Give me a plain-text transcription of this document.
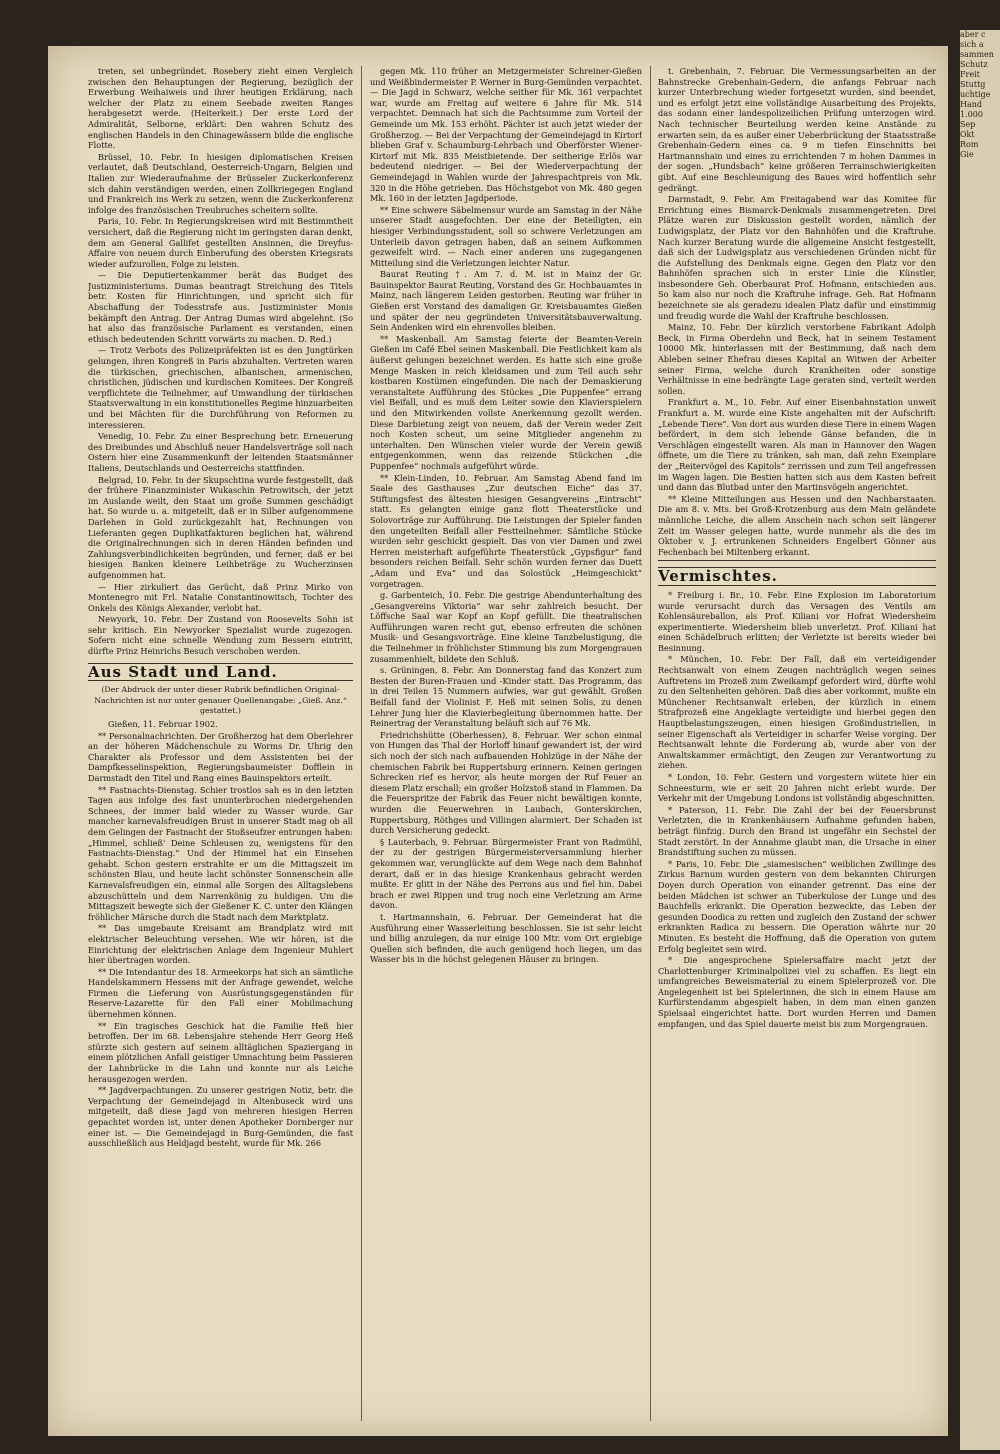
aber c
sich a
sammen
Schutz
Freit
Stuttg
uchtige
Hand
1.000
Sep
Okt
Rom
Gie

treten, sei unbegründet. Rosebery zieht einen Vergleich zwischen den Behauptungen der Regierung, bezüglich der Erwerbung Weihaiweis und ihrer heutigen Erklärung, nach welcher der Platz zu einem Seebade zweiten Ranges herabgesetzt werde. (Heiterkeit.) Der erste Lord der Admiralität, Selborne, erklärt: Den wahren Schutz des englischen Handels in den Chinagewässern bilde die englische Flotte.

Brüssel, 10. Febr. In hiesigen diplomatischen Kreisen verlautet, daß Deutschland, Oesterreich-Ungarn, Belgien und Italien zur Wiederaufnahme der Brüsseler Zuckerkonferenz sich dahin verständigen werden, einen Zollkriegegen England und Frankreich ins Werk zu setzen, wenn die Zuckerkonferenz infolge des französischen Treubruches scheitern sollte.

Paris, 10. Febr. In Regierungskreisen wird mit Bestimmtheit versichert, daß die Regierung nicht im geringsten daran denkt, dem am General Gallifet gestellten Ansinnen, die Dreyfus-Affaire von neuem durch Einberufung des obersten Kriegsrats wieder aufzurollen, Folge zu leisten.

— Die Deputiertenkammer berät das Budget des Justizministeriums. Dumas beantragt Streichung des Titels betr. Kosten für Hinrichtungen, und spricht sich für Abschaffung der Todesstrafe aus. Justizminister Monis bekämpft den Antrag. Der Antrag Dumas wird abgelehnt. (So hat also das französische Parlament es verstanden, einen ethisch bedeutenden Schritt vorwärts zu machen. D. Red.)

— Trotz Verbots des Polizeipräfekten ist es den Jungtürken gelungen, ihren Kongreß in Paris abzuhalten. Vertreten waren die türkischen, griechischen, albanischen, armenischen, christlichen, jüdischen und kurdischen Komitees. Der Kongreß verpflichtete die Teilnehmer, auf Umwandlung der türkischen Staatsverwaltung in ein konstitutionelles Regime hinzuarbeiten und bei Mächten für die Durchführung von Reformen zu interessieren.

Venedig, 10. Febr. Zu einer Besprechung betr. Erneuerung des Dreibundes und Abschluß neuer Handelsverträge soll nach Ostern hier eine Zusammenkunft der leitenden Staatsmänner Italiens, Deutschlands und Oesterreichs stattfinden.

Belgrad, 10. Febr. In der Skupschtina wurde festgestellt, daß der frühere Finanzminister Wukaschin Petrowitsch, der jetzt im Auslande weilt, den Staat um große Summen geschädigt hat. So wurde u. a. mitgeteilt, daß er in Silber aufgenommene Darlehen in Gold zurückgezahlt hat, Rechnungen von Lieferanten gegen Duplikatfakturen beglichen hat, während die Originalrechnungen sich in deren Händen befinden und Zahlungsverbindlichkeiten begründen, und ferner, daß er bei hiesigen Banken kleinere Leihbeträge zu Wucherzinsen aufgenommen hat.

— Hier zirkuliert das Gerücht, daß Prinz Mirko von Montenegro mit Frl. Natalie Constantinowitsch, Tochter des Onkels des Königs Alexander, verlobt hat.

Newyork, 10. Febr. Der Zustand von Roosevelts Sohn ist sehr kritisch. Ein Newyorker Spezialist wurde zugezogen. Sofern nicht eine schnelle Wendung zum Bessern eintritt, dürfte Prinz Heinrichs Besuch verschoben werden.

Aus Stadt und Land.

(Der Abdruck der unter dieser Rubrik befindlichen Original-Nachrichten ist nur unter genauer Quellenangabe: „Gieß. Anz.“ gestattet.)

Gießen, 11. Februar 1902.

** Personalnachrichten. Der Großherzog hat dem Oberlehrer an der höheren Mädchenschule zu Worms Dr. Uhrig den Charakter als Professor und dem Assistenten bei der Dampfkesselinspektion, Regierungsbaumeister Dofflein in Darmstadt den Titel und Rang eines Bauinspektors erteilt.

** Fastnachts-Dienstag. Schier trostlos sah es in den letzten Tagen aus infolge des fast ununterbrochen niedergehenden Schnees, der immer bald wieder zu Wasser wurde. Gar mancher karnevalsfreudigen Brust in unserer Stadt mag ob all dem Gelingen der Fastnacht der Stoßseufzer entrungen haben: „Himmel, schließ' Deine Schleusen zu, wenigstens für den Fastnachts-Dienstag.“ Und der Himmel hat ein Einsehen gehabt. Schon gestern erstrahlte er um die Mittagszeit im schönsten Blau, und heute lacht schönster Sonnenschein alle Karnevalsfreudigen ein, einmal alle Sorgen des Alltagslebens abzuschütteln und dem Narrenkönig zu huldigen. Um die Mittagszeit bewegte sich der Gießener K. C. unter den Klängen fröhlicher Märsche durch die Stadt nach dem Marktplatz.

** Das umgebaute Kreisamt am Brandplatz wird mit elektrischer Beleuchtung versehen. Wie wir hören, ist die Einrichtung der elektrischen Anlage dem Ingenieur Muhlert hier übertragen worden.

** Die Intendantur des 18. Armeekorps hat sich an sämtliche Handelskammern Hessens mit der Anfrage gewendet, welche Firmen die Lieferung von Ausrüstungsgegenständen für Reserve-Lazarette für den Fall einer Mobilmachung übernehmen können.

** Ein tragisches Geschick hat die Familie Heß hier betroffen. Der im 68. Lebensjahre stehende Herr Georg Heß stürzte sich gestern auf seinem alltäglichen Spaziergang in einem plötzlichen Anfall geistiger Umnachtung beim Passieren der Lahnbrücke in die Lahn und konnte nur als Leiche herausgezogen werden.

** Jagdverpachtungen. Zu unserer gestrigen Notiz, betr. die Verpachtung der Gemeindejagd in Altenbuseck wird uns mitgeteilt, daß diese Jagd von mehreren hiesigen Herren gepachtet worden ist, unter denen Apotheker Dornberger nur einer ist. — Die Gemeindejagd in Burg-Gemünden, die fast ausschließlich aus Heldjagd besteht, wurde für Mk. 266

gegen Mk. 110 früher an Metzgermeister Schreiner-Gießen und Weißbindermeister P. Werner in Burg-Gemünden verpachtet. — Die Jagd in Schwarz, welche seither für Mk. 361 verpachtet war, wurde am Freitag auf weitere 6 Jahre für Mk. 514 verpachtet. Demnach hat sich die Pachtsumme zum Vorteil der Gemeinde um Mk. 153 erhöht. Pächter ist auch jetzt wieder der Großherzog. — Bei der Verpachtung der Gemeindejagd in Kirtorf blieben Graf v. Schaumburg-Lehrbach und Oberförster Wiener-Kirtorf mit Mk. 835 Meistbietende. Der seitherige Erlös war bedeutend niedriger. — Bei der Wiederverpachtung der Gemeindejagd in Wahlen wurde der Jahrespachtpreis von Mk. 320 in die Höhe getrieben. Das Höchstgebot von Mk. 480 gegen Mk. 160 in der letzten Jagdperiode.

** Eine schwere Säbelmensur wurde am Samstag in der Nähe unserer Stadt ausgefochten. Der eine der Beteiligten, ein hiesiger Verbindungsstudent, soll so schwere Verletzungen am Unterleib davon getragen haben, daß an seinem Aufkommen gezweifelt wird. — Nach einer anderen uns zugegangenen Mitteilung sind die Verletzungen leichter Natur.

Baurat Reuting †. Am 7. d. M. ist in Mainz der Gr. Bauinspektor Baurat Reuting, Vorstand des Gr. Hochbauamtes in Mainz, nach längerem Leiden gestorben. Reuting war früher in Gießen erst Vorstand des damaligen Gr. Kreisbauamtes Gießen und später der neu gegründeten Universitätsbauverwaltung. Sein Andenken wird ein ehrenvolles bleiben.

** Maskenball. Am Samstag feierte der Beamten-Verein Gießen im Café Ebel seinen Maskenball. Die Festlichkeit kam als äußerst gelungen bezeichnet werden. Es hatte sich eine große Menge Masken in reich kleidsamen und zum Teil auch sehr kostbaren Kostümen eingefunden. Die nach der Demaskierung veranstaltete Aufführung des Stückes „Die Puppenfee“ errang viel Beifall, und es muß dem Leiter sowie den Klavierspielern und den Mitwirkenden vollste Anerkennung gezollt werden. Diese Darbietung zeigt von neuem, daß der Verein weder Zeit noch Kosten scheut, um seine Mitglieder angenehm zu unterhalten. Den Wünschen vieler wurde der Verein gewiß entgegenkommen, wenn das reizende Stückchen „die Puppenfee“ nochmals aufgeführt würde.

** Klein-Linden, 10. Februar. Am Samstag Abend fand im Saale des Gasthauses „Zur deutschen Eiche“ das 37. Stiftungsfest des ältesten hiesigen Gesangvereins „Eintracht“ statt. Es gelangten einige ganz flott Theaterstücke und Solovorträge zur Aufführung. Die Leistungen der Spieler fanden den ungeteilten Beifall aller Festteilnehmer. Sämtliche Stücke wurden sehr geschickt gespielt. Das von vier Damen und zwei Herren meisterhaft aufgeführte Theaterstück „Gypsfigur“ fand besonders reichen Beifall. Sehr schön wurden ferner das Duett „Adam und Eva“ und das Solostück „Heimgeschickt“ vorgetragen.

g. Garbenteich, 10. Febr. Die gestrige Abendunterhaltung des „Gesangvereins Viktoria“ war sehr zahlreich besucht. Der Löffsche Saal war Kopf an Kopf gefüllt. Die theatralischen Aufführungen waren recht gut, ebenso erfreuten die schönen Musik- und Gesangsvorträge. Eine kleine Tanzbelustigung, die die Teilnehmer in fröhlichster Stimmung bis zum Morgengrauen zusammenhielt, bildete den Schluß.

s. Grüningen, 8. Febr. Am Donnerstag fand das Konzert zum Besten der Buren-Frauen und -Kinder statt. Das Programm, das in drei Teilen 15 Nummern aufwies, war gut gewählt. Großen Beifall fand der Violinist F. Heß mit seinen Solis, zu denen Lehrer Jung hier die Klavierbegleitung übernommen hatte. Der Reinertrag der Veranstaltung beläuft sich auf 76 Mk.

Friedrichshütte (Oberhessen), 8. Februar. Wer schon einmal von Hungen das Thal der Horloff hinauf gewandert ist, der wird sich noch der sich nach aufbauenden Hohlzüge in der Nähe der chemischen Fabrik bei Ruppertsburg erinnern. Keinen geringen Schrecken rief es hervor, als heute morgen der Ruf Feuer an diesem Platz erschall; ein großer Holzstoß stand in Flammen. Da die Feuerspritze der Fabrik das Feuer nicht bewältigen konnte, wurden die Feuerwehren in Laubach, Gonterskirchen, Ruppertsburg, Röthges und Villingen alarmiert. Der Schaden ist durch Versicherung gedeckt.

§ Lauterbach, 9. Februar. Bürgermeister Frant von Radmühl, der zu der gestrigen Bürgermeisterversammlung hierher gekommen war, verunglückte auf dem Wege nach dem Bahnhof derart, daß er in das hiesige Krankenhaus gebracht werden mußte. Er glitt in der Nähe des Perrons aus und fiel hin. Dabei brach er zwei Rippen und trug noch eine Verletzung am Arme davon.

t. Hartmannshain, 6. Februar. Der Gemeinderat hat die Ausführung einer Wasserleitung beschlossen. Sie ist sehr leicht und billig anzulegen, da nur einige 100 Mtr. vom Ort ergiebige Quellen sich befinden, die auch genügend hoch liegen, um das Wasser bis in die höchst gelegenen Häuser zu bringen.

t. Grebenhain, 7. Februar. Die Vermessungsarbeiten an der Bahnstrecke Grebenhain-Gedern, die anfangs Februar nach kurzer Unterbrechung wieder fortgesetzt wurden, sind beendet, und es erfolgt jetzt eine vollständige Ausarbeitung des Projekts, das sodann einer landespolizeilichen Prüfung unterzogen wird. Nach technischer Beurteilung werden keine Anstände zu erwarten sein, da es außer einer Ueberbrückung der Staatsstraße Grebenhain-Gedern eines ca. 9 m tiefen Einschnitts bei Hartmannshain und eines zu errichtenden 7 m hohen Dammes in der sogen. „Hundsbach“ keine größeren Terrainschwierigkeiten gibt. Auf eine Beschleunigung des Baues wird hoffentlich sehr gedrängt.

Darmstadt, 9. Febr. Am Freitagabend war das Komitee für Errichtung eines Bismarck-Denkmals zusammengetreten. Drei Plätze waren zur Diskussion gestellt worden, nämlich der Ludwigsplatz, der Platz vor den Bahnhöfen und die Kraftruhe. Nach kurzer Beratung wurde die allgemeine Ansicht festgestellt, daß sich der Ludwigsplatz aus verschiedenen Gründen nicht für die Aufstellung des Denkmals eigne. Gegen den Platz vor den Bahnhöfen sprachen sich in erster Linie die Künstler, insbesondere Geh. Oberbaurat Prof. Hofmann, entschieden aus. So kam also nur noch die Kraftruhe infrage. Geh. Rat Hofmann bezeichnete sie als geradezu idealen Platz dafür und einstimmig und freudig wurde die Wahl der Kraftruhe beschlossen.

Mainz, 10. Febr. Der kürzlich verstorbene Fabrikant Adolph Beck, in Firma Oberdehn und Beck, hat in seinem Testament 10000 Mk. hinterlassen mit der Bestimmung, daß nach dem Ableben seiner Ehefrau dieses Kapital an Witwen der Arbeiter seiner Firma, welche durch Krankheiten oder sonstige Verhältnisse in eine bedrängte Lage geraten sind, verteilt werden sollen.

Frankfurt a. M., 10. Febr. Auf einer Eisenbahnstation unweit Frankfurt a. M. wurde eine Kiste angehalten mit der Aufschrift: „Lebende Tiere“. Von dort aus wurden diese Tiere in einem Wagen befördert, in dem sich lebende Gänse befanden, die in Verschlägen eingestellt waren. Als man in Hannover den Wagen öffnete, um die Tiere zu tränken, sah man, daß zehn Exemplare der „Reitervögel des Kapitols“ zerrissen und zum Teil angefressen im Wagen lagen. Die Bestien hatten sich aus dem Kasten befreit und dann das Blutbad unter den Martinsvögeln angerichtet.

** Kleine Mitteilungen aus Hessen und den Nachbarstaaten. Die am 8. v. Mts. bei Groß-Krotzenburg aus dem Main geländete männliche Leiche, die allem Anschein nach schon seit längerer Zeit im Wasser gelegen hatte, wurde nunmehr als die des im Oktober v. J. ertrunkenen Schneiders Engelbert Gönner aus Fechenbach bei Miltenberg erkannt.

Vermischtes.

* Freiburg i. Br., 10. Febr. Eine Explosion im Laboratorium wurde verursacht durch das Versagen des Ventils am Kohlensäureballon, als Prof. Kiliani vor Hofrat Wiedersheim experimentierte. Wiedersheim blieb unverletzt. Prof. Kiliani hat einen Schädelbruch erlitten; der Verletzte ist bereits wieder bei Besinnung.

* München, 10. Febr. Der Fall, daß ein verteidigender Rechtsanwalt von einem Zeugen nachträglich wegen seines Auftretens im Prozeß zum Zweikampf gefordert wird, dürfte wohl zu den Seltenheiten gehören. Daß dies aber vorkommt, mußte ein Münchener Rechtsanwalt erleben, der kürzlich in einem Strafprozeß eine Angeklagte verteidigte und hierbei gegen den Hauptbelastungszeugen, einen hiesigen Großindustriellen, in seiner Eigenschaft als Verteidiger in scharfer Weise vorging. Der Rechtsanwalt lehnte die Forderung ab, wurde aber von der Anwaltskammer ermächtigt, den Zeugen zur Verantwortung zu ziehen.

* London, 10. Febr. Gestern und vorgestern wütete hier ein Schneesturm, wie er seit 20 Jahren nicht erlebt wurde. Der Verkehr mit der Umgebung Londons ist vollständig abgeschnitten.

* Paterson, 11. Febr. Die Zahl der bei der Feuersbrunst Verletzten, die in Krankenhäusern Aufnahme gefunden haben, beträgt fünfzig. Durch den Brand ist ungefähr ein Sechstel der Stadt zerstört. In der Annahme glaubt man, die Ursache in einer Brandstiftung suchen zu müssen.

* Paris, 10. Febr. Die „siamesischen“ weiblichen Zwillinge des Zirkus Barnum wurden gestern von dem bekannten Chirurgen Doyen durch Operation von einander getrennt. Das eine der beiden Mädchen ist schwer an Tuberkulose der Lunge und des Bauchfells erkrankt. Die Operation bezweckte, das Leben der gesunden Doodica zu retten und zugleich den Zustand der schwer erkrankten Radica zu bessern. Die Operation währte nur 20 Minuten. Es besteht die Hoffnung, daß die Operation von gutem Erfolg begleitet sein wird.

* Die angesprochene Spielersaffaire macht jetzt der Charlottenburger Kriminalpolizei viel zu schaffen. Es liegt ein umfangreiches Beweismaterial zu einem Spielerprozeß vor. Die Angelegenheit ist bei Spielerinnen, die sich in einem Hause am Kurfürstendamm abgespielt haben, in dem man einen ganzen Spielsaal eingerichtet hatte. Dort wurden Herren und Damen empfangen, und das Spiel dauerte meist bis zum Morgengrauen.
